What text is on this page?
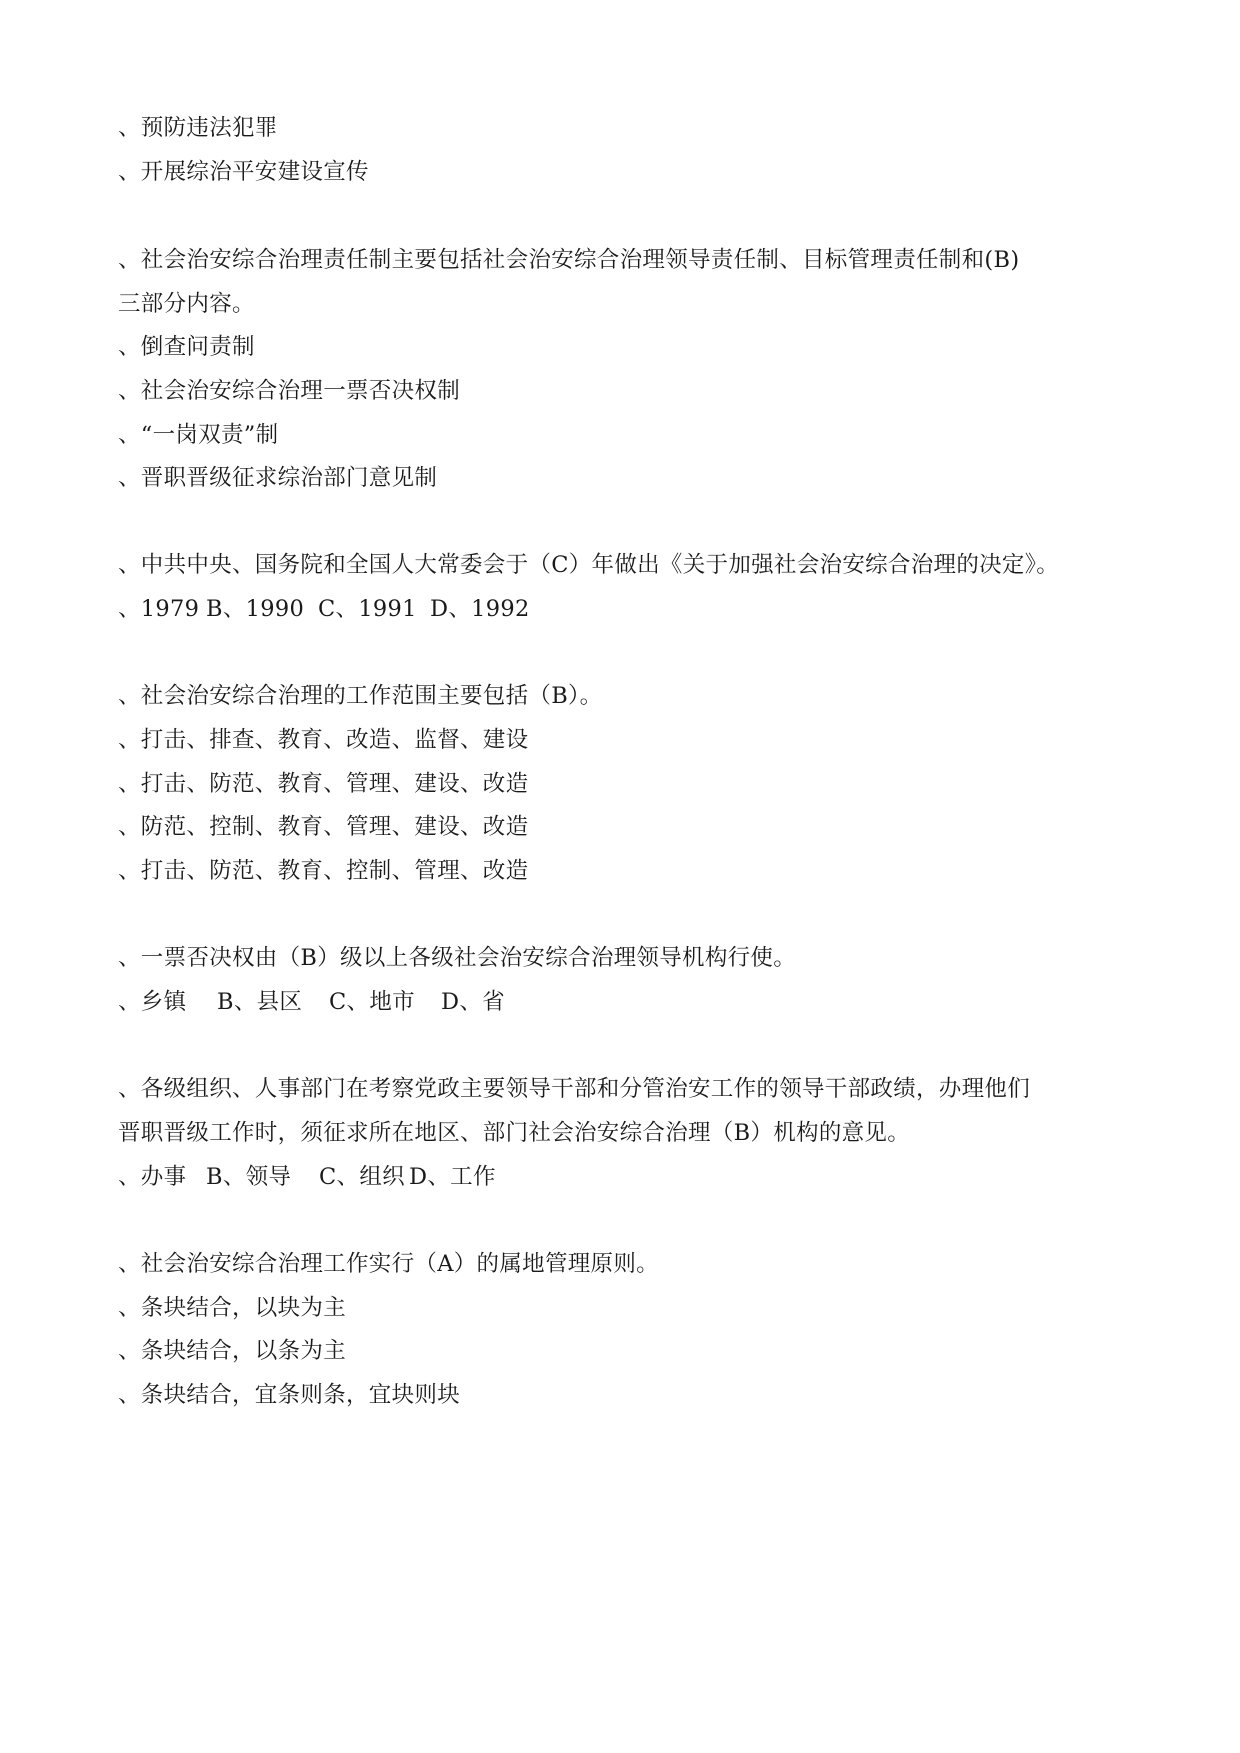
、预防违法犯罪
、开展综治平安建设宣传
、社会治安综合治理责任制主要包括社会治安综合治理领导责任制、目标管理责任制和(B)
三部分内容。
、倒查问责制
、社会治安综合治理一票否决权制
、“一岗双责”制
、晋职晋级征求综治部门意见制
、中共中央、国务院和全国人大常委会于（C）年做出《关于加强社会治安综合治理的决定》。
、1979 B、1990 C、1991 D、1992
、社会治安综合治理的工作范围主要包括（B）。
、打击、排查、教育、改造、监督、建设
、打击、防范、教育、管理、建设、改造
、防范、控制、教育、管理、建设、改造
、打击、防范、教育、控制、管理、改造
、一票否决权由（B）级以上各级社会治安综合治理领导机构行使。
、乡镇 B、县区 C、地市 D、省
、各级组织、人事部门在考察党政主要领导干部和分管治安工作的领导干部政绩，办理他们
晋职晋级工作时，须征求所在地区、部门社会治安综合治理（B）机构的意见。
、办事 B、领导 C、组织 D、工作
、社会治安综合治理工作实行（A）的属地管理原则。
、条块结合，以块为主
、条块结合，以条为主
、条块结合，宜条则条，宜块则块
